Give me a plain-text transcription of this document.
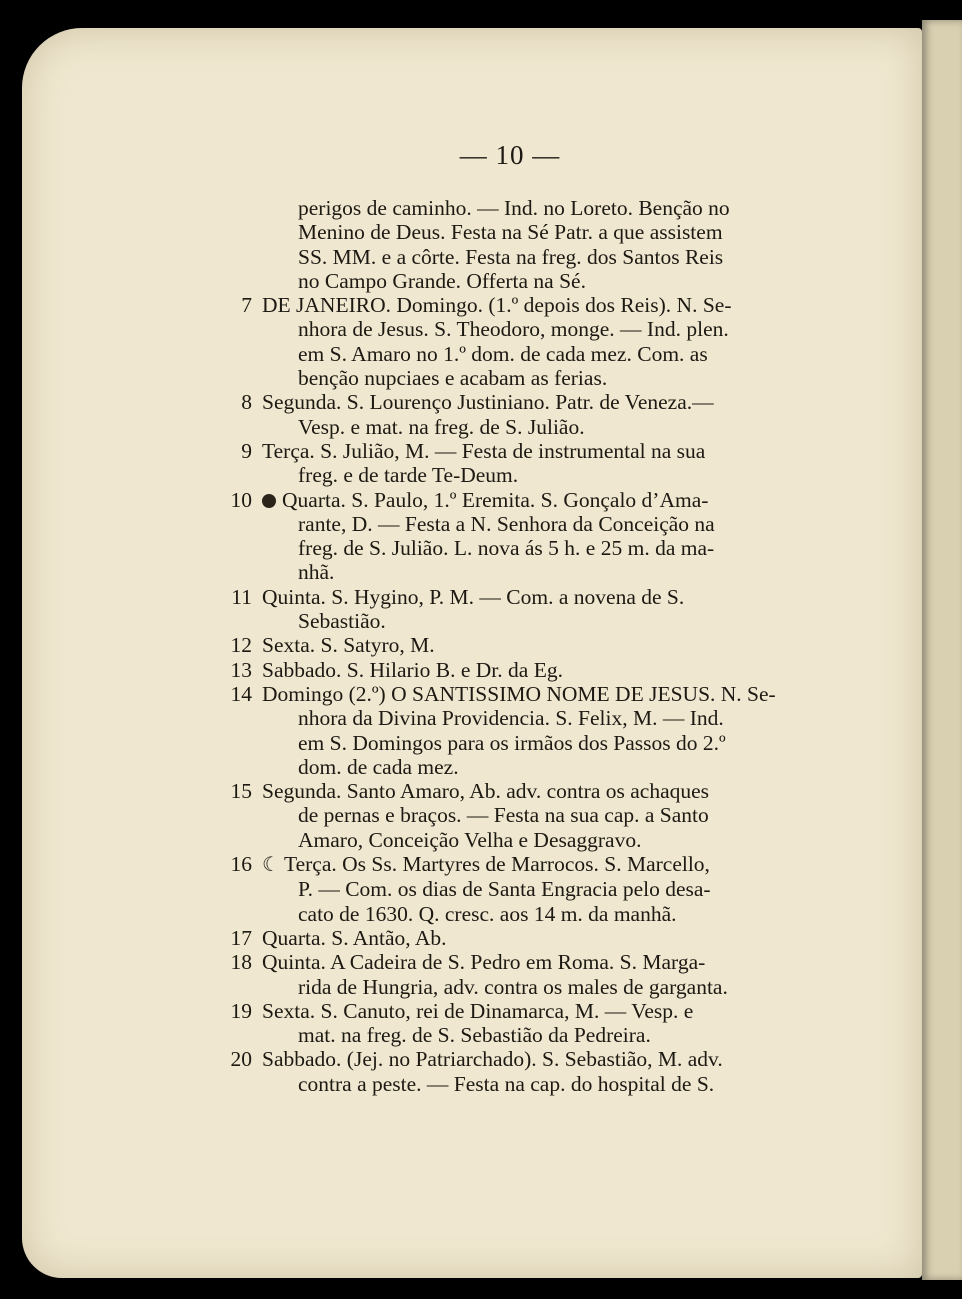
— 10 —
perigos de caminho. — Ind. no Loreto. Benção no
Menino de Deus. Festa na Sé Patr. a que assistem
SS. MM. e a côrte. Festa na freg. dos Santos Reis
no Campo Grande. Offerta na Sé.
7 DE JANEIRO. Domingo. (1.º depois dos Reis). N. Se-
nhora de Jesus. S. Theodoro, monge. — Ind. plen.
em S. Amaro no 1.º dom. de cada mez. Com. as
benção nupciaes e acabam as ferias.
8 Segunda. S. Lourenço Justiniano. Patr. de Veneza.—
Vesp. e mat. na freg. de S. Julião.
9 Terça. S. Julião, M. — Festa de instrumental na sua
freg. e de tarde Te-Deum.
10 Quarta. S. Paulo, 1.º Eremita. S. Gonçalo d’Ama-
rante, D. — Festa a N. Senhora da Conceição na
freg. de S. Julião. L. nova ás 5 h. e 25 m. da ma-
nhã.
11 Quinta. S. Hygino, P. M. — Com. a novena de S.
Sebastião.
12 Sexta. S. Satyro, M.
13 Sabbado. S. Hilario B. e Dr. da Eg.
14 Domingo (2.º) O SANTISSIMO NOME DE JESUS. N. Se-
nhora da Divina Providencia. S. Felix, M. — Ind.
em S. Domingos para os irmãos dos Passos do 2.º
dom. de cada mez.
15 Segunda. Santo Amaro, Ab. adv. contra os achaques
de pernas e braços. — Festa na sua cap. a Santo
Amaro, Conceição Velha e Desaggravo.
16 ☾ Terça. Os Ss. Martyres de Marrocos. S. Marcello,
P. — Com. os dias de Santa Engracia pelo desa-
cato de 1630. Q. cresc. aos 14 m. da manhã.
17 Quarta. S. Antão, Ab.
18 Quinta. A Cadeira de S. Pedro em Roma. S. Marga-
rida de Hungria, adv. contra os males de garganta.
19 Sexta. S. Canuto, rei de Dinamarca, M. — Vesp. e
mat. na freg. de S. Sebastião da Pedreira.
20 Sabbado. (Jej. no Patriarchado). S. Sebastião, M. adv.
contra a peste. — Festa na cap. do hospital de S.
